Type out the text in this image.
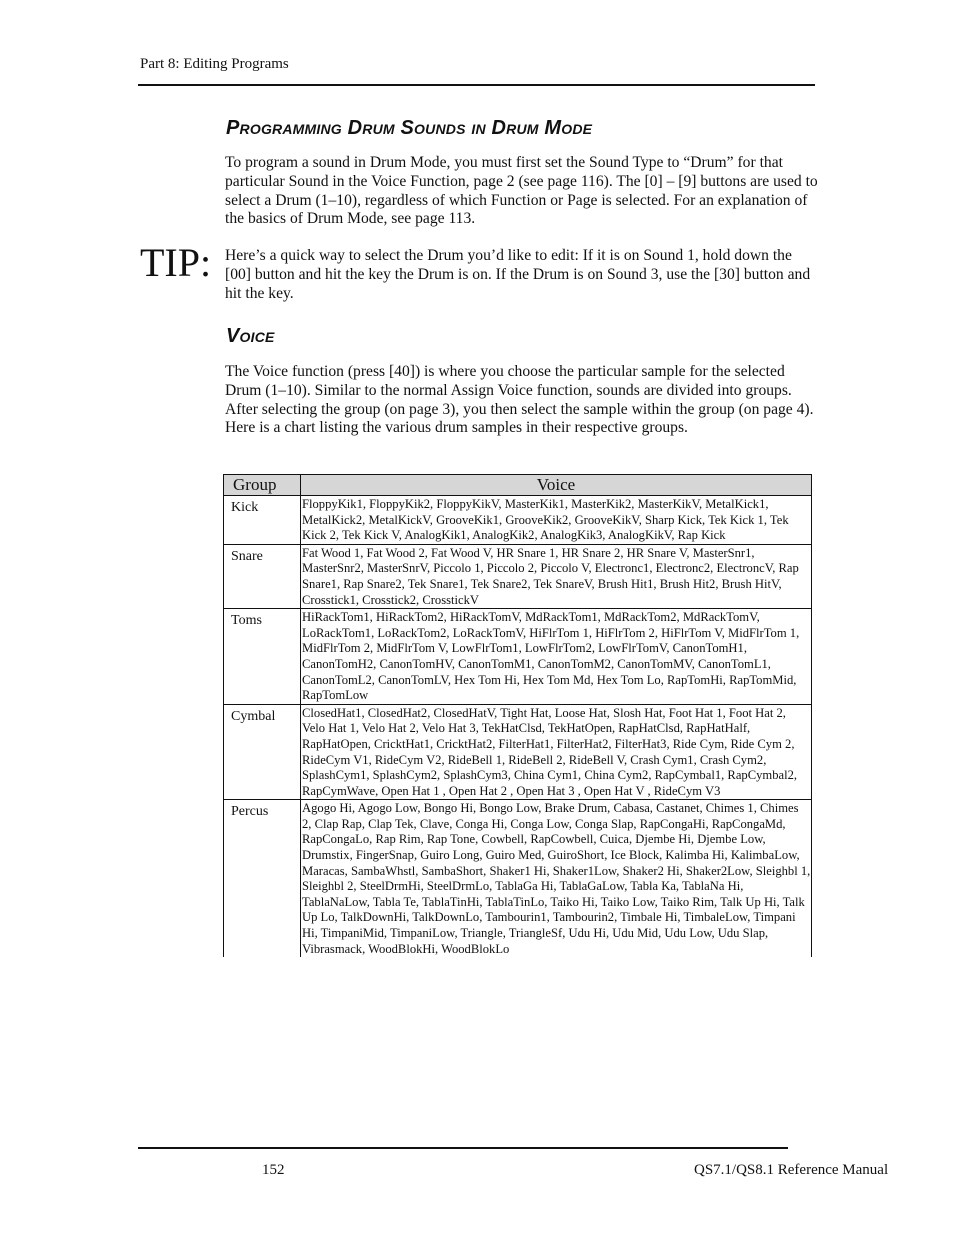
Part 8: Editing Programs
Programming Drum Sounds in Drum Mode
To program a sound in Drum Mode, you must first set the Sound Type to “Drum” for that particular Sound in the Voice Function, page 2 (see page 116). The [0] – [9] buttons are used to select a Drum (1–10), regardless of which Function or Page is selected. For an explanation of the basics of Drum Mode, see page 113.
TIP: Here’s a quick way to select the Drum you’d like to edit: If it is on Sound 1, hold down the [00] button and hit the key the Drum is on. If the Drum is on Sound 3, use the [30] button and hit the key.
Voice
The Voice function (press [40]) is where you choose the particular sample for the selected Drum (1–10). Similar to the normal Assign Voice function, sounds are divided into groups. After selecting the group (on page 3), you then select the sample within the group (on page 4). Here is a chart listing the various drum samples in their respective groups.
Group	Voice
Kick	FloppyKik1, FloppyKik2, FloppyKikV, MasterKik1, MasterKik2, MasterKikV, MetalKick1, MetalKick2, MetalKickV, GrooveKik1, GrooveKik2, GrooveKikV, Sharp Kick, Tek Kick 1, Tek Kick 2, Tek Kick V, AnalogKik1, AnalogKik2, AnalogKik3, AnalogKikV, Rap Kick
Snare	Fat Wood 1, Fat Wood 2, Fat Wood V, HR Snare 1, HR Snare 2, HR Snare V, MasterSnr1, MasterSnr2, MasterSnrV, Piccolo 1, Piccolo 2, Piccolo V, Electronc1, Electronc2, ElectroncV, Rap Snare1, Rap Snare2, Tek Snare1, Tek Snare2, Tek SnareV, Brush Hit1, Brush Hit2, Brush HitV, Crosstick1, Crosstick2, CrosstickV
Toms	HiRackTom1, HiRackTom2, HiRackTomV, MdRackTom1, MdRackTom2, MdRackTomV, LoRackTom1, LoRackTom2, LoRackTomV, HiFlrTom 1, HiFlrTom 2, HiFlrTom V, MidFlrTom 1, MidFlrTom 2, MidFlrTom V, LowFlrTom1, LowFlrTom2, LowFlrTomV, CanonTomH1, CanonTomH2, CanonTomHV, CanonTomM1, CanonTomM2, CanonTomMV, CanonTomL1, CanonTomL2, CanonTomLV, Hex Tom Hi, Hex Tom Md, Hex Tom Lo, RapTomHi, RapTomMid, RapTomLow
Cymbal	ClosedHat1, ClosedHat2, ClosedHatV, Tight Hat, Loose Hat, Slosh Hat, Foot Hat 1, Foot Hat 2, Velo Hat 1, Velo Hat 2, Velo Hat 3, TekHatClsd, TekHatOpen, RapHatClsd, RapHatHalf, RapHatOpen, CricktHat1, CricktHat2, FilterHat1, FilterHat2, FilterHat3, Ride Cym, Ride Cym 2, RideCym V1, RideCym V2, RideBell 1, RideBell 2, RideBell V, Crash Cym1, Crash Cym2, SplashCym1, SplashCym2, SplashCym3, China Cym1, China Cym2, RapCymbal1, RapCymbal2, RapCymWave, Open Hat 1 , Open Hat 2 , Open Hat 3 , Open Hat V , RideCym V3
Percus	Agogo Hi, Agogo Low, Bongo Hi, Bongo Low, Brake Drum, Cabasa, Castanet, Chimes 1, Chimes 2, Clap Rap, Clap Tek, Clave, Conga Hi, Conga Low, Conga Slap, RapCongaHi, RapCongaMd, RapCongaLo, Rap Rim, Rap Tone, Cowbell, RapCowbell, Cuica, Djembe Hi, Djembe Low, Drumstix, FingerSnap, Guiro Long, Guiro Med, GuiroShort, Ice Block, Kalimba Hi, KalimbaLow, Maracas, SambaWhstl, SambaShort, Shaker1 Hi, Shaker1Low, Shaker2 Hi, Shaker2Low, Sleighbl 1, Sleighbl 2, SteelDrmHi, SteelDrmLo, TablaGa Hi, TablaGaLow, Tabla Ka, TablaNa Hi, TablaNaLow, Tabla Te, TablaTinHi, TablaTinLo, Taiko Hi, Taiko Low, Taiko Rim, Talk Up Hi, Talk Up Lo, TalkDownHi, TalkDownLo, Tambourin1, Tambourin2, Timbale Hi, TimbaleLow, Timpani Hi, TimpaniMid, TimpaniLow, Triangle, TriangleSf, Udu Hi, Udu Mid, Udu Low, Udu Slap, Vibrasmack, WoodBlokHi, WoodBlokLo
152	QS7.1/QS8.1 Reference Manual
